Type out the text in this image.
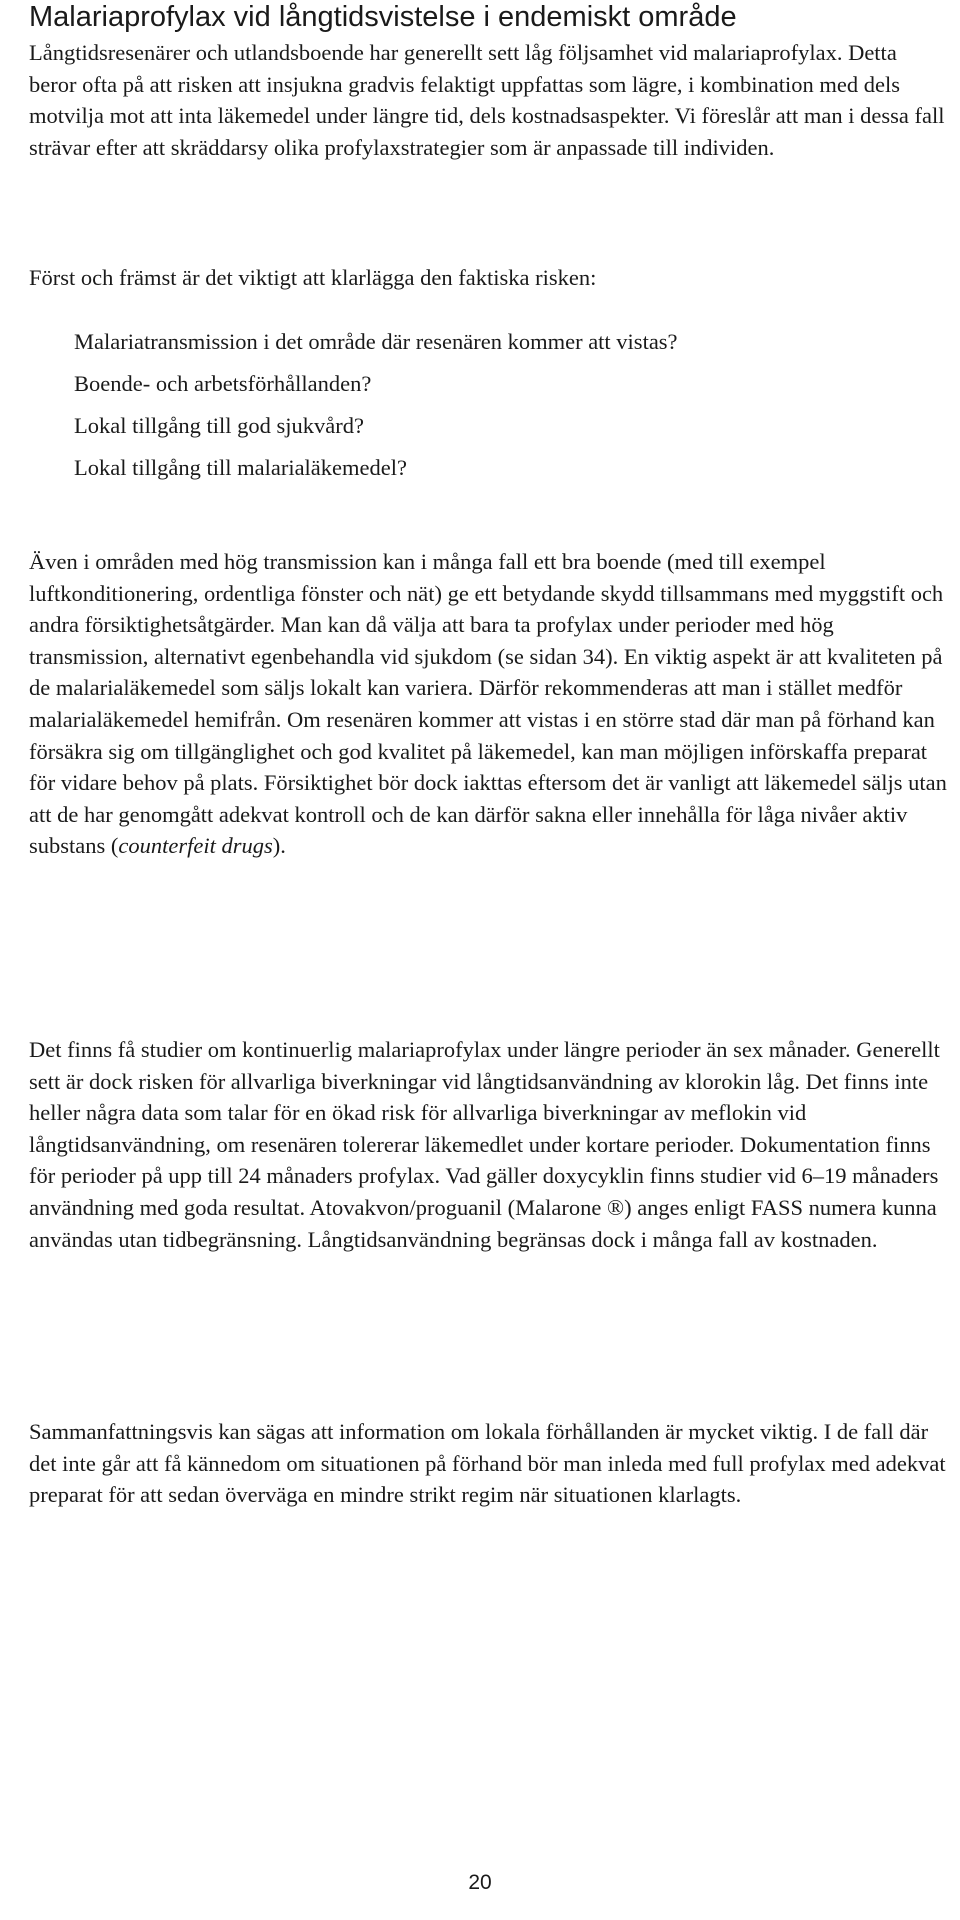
Malariaprofylax vid långtidsvistelse i endemiskt område

Långtidsresenärer och utlandsboende har generellt sett låg följsamhet vid malariaprofylax. Detta beror ofta på att risken att insjukna gradvis felaktigt uppfattas som lägre, i kombination med dels motvilja mot att inta läkemedel under längre tid, dels kostnadsaspekter. Vi föreslår att man i dessa fall strävar efter att skräddarsy olika profylaxstrategier som är anpassade till individen.

Först och främst är det viktigt att klarlägga den faktiska risken:

Malariatransmission i det område där resenären kommer att vistas?
Boende- och arbetsförhållanden?
Lokal tillgång till god sjukvård?
Lokal tillgång till malarialäkemedel?

Även i områden med hög transmission kan i många fall ett bra boende (med till exempel luftkonditionering, ordentliga fönster och nät) ge ett betydande skydd tillsammans med myggstift och andra försiktighetsåtgärder. Man kan då välja att bara ta profylax under perioder med hög transmission, alternativt egenbehandla vid sjukdom (se sidan 34). En viktig aspekt är att kvaliteten på de malarialäkemedel som säljs lokalt kan variera. Därför rekommenderas att man i stället medför malarialäkemedel hemifrån. Om resenären kommer att vistas i en större stad där man på förhand kan försäkra sig om tillgänglighet och god kvalitet på läkemedel, kan man möjligen införskaffa preparat för vidare behov på plats. Försiktighet bör dock iakttas eftersom det är vanligt att läkemedel säljs utan att de har genomgått adekvat kontroll och de kan därför sakna eller innehålla för låga nivåer aktiv substans (counterfeit drugs).

Det finns få studier om kontinuerlig malariaprofylax under längre perioder än sex månader. Generellt sett är dock risken för allvarliga biverkningar vid långtidsanvändning av klorokin låg. Det finns inte heller några data som talar för en ökad risk för allvarliga biverkningar av meflokin vid långtidsanvändning, om resenären tolererar läkemedlet under kortare perioder. Dokumentation finns för perioder på upp till 24 månaders profylax. Vad gäller doxycyklin finns studier vid 6–19 månaders användning med goda resultat. Atovakvon/proguanil (Malarone ®) anges enligt FASS numera kunna användas utan tidbegränsning. Långtidsanvändning begränsas dock i många fall av kostnaden.

Sammanfattningsvis kan sägas att information om lokala förhållanden är mycket viktig. I de fall där det inte går att få kännedom om situationen på förhand bör man inleda med full profylax med adekvat preparat för att sedan överväga en mindre strikt regim när situationen klarlagts.

20
